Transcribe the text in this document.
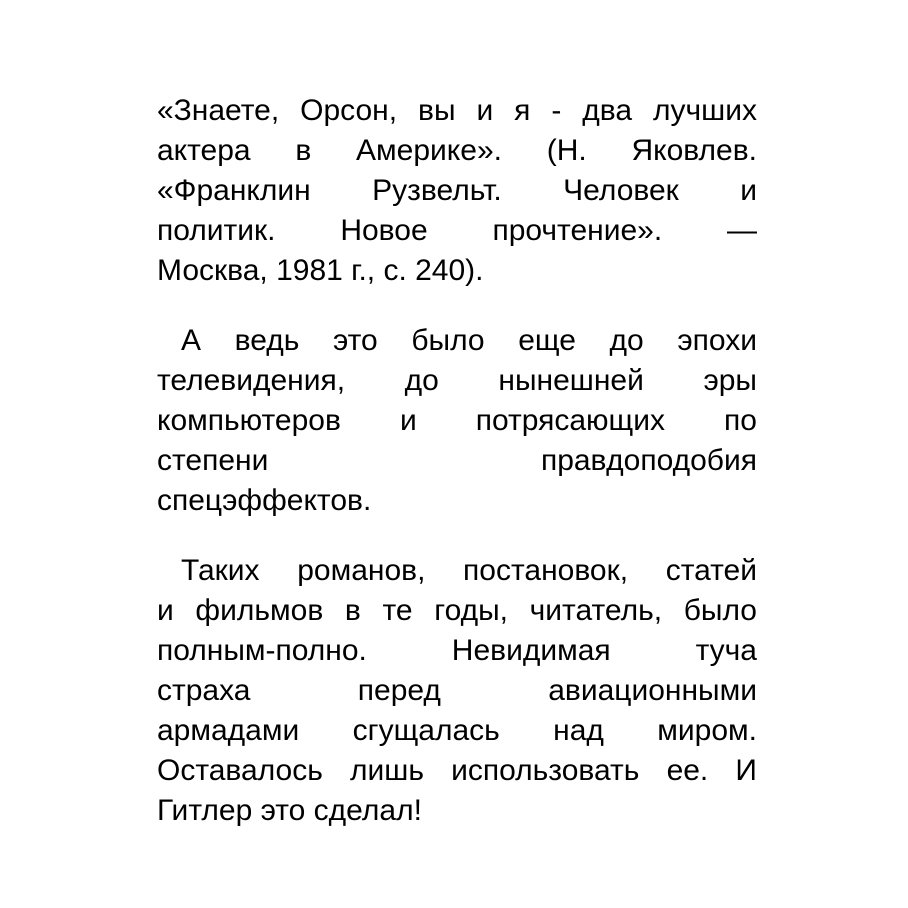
«Знаете, Орсон, вы и я - два лучших
актера в Америке». (Н. Яковлев.
«Франклин Рузвельт. Человек и
политик. Новое прочтение». —
Москва, 1981 г., с. 240).
А ведь это было еще до эпохи
телевидения, до нынешней эры
компьютеров и потрясающих по
степени правдоподобия
спецэффектов.
Таких романов, постановок, статей
и фильмов в те годы, читатель, было
полным-полно. Невидимая туча
страха перед авиационными
армадами сгущалась над миром.
Оставалось лишь использовать ее. И
Гитлер это сделал!
